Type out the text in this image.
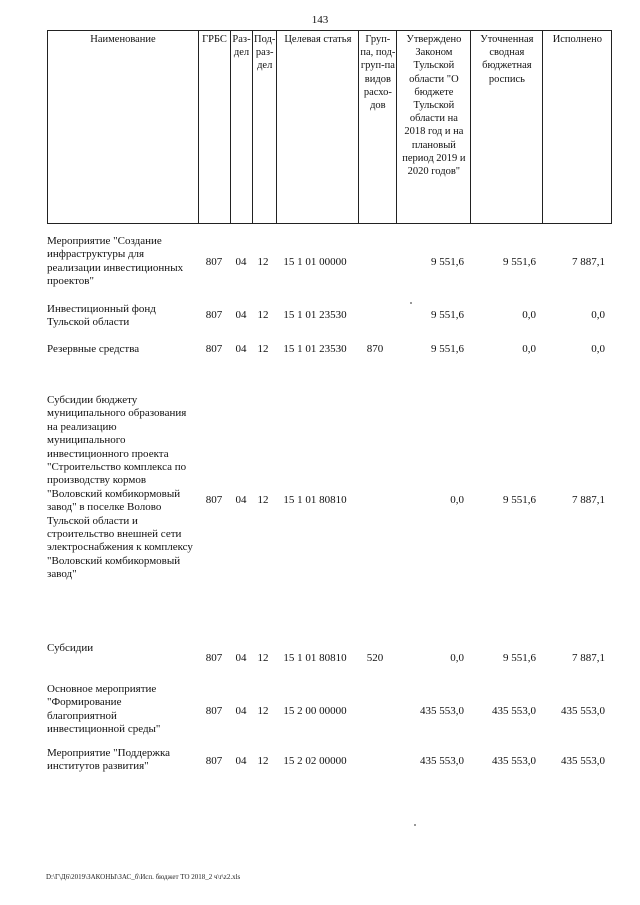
143
Наименование	ГРБС	Раз-дел	Под-раз-дел	Целевая статья	Груп-па, под-груп-па видов расхо-дов	Утверждено Законом Тульской области "О бюджете Тульской области на 2018 год и на плановый период 2019 и 2020 годов"	Уточненная сводная бюджетная роспись	Исполнено
Мероприятие "Создание инфраструктуры для реализации инвестиционных проектов"	807	04	12	15 1 01 00000		9 551,6	9 551,6	7 887,1
Инвестиционный фонд Тульской области	807	04	12	15 1 01 23530		9 551,6	0,0	0,0
Резервные средства	807	04	12	15 1 01 23530	870	9 551,6	0,0	0,0
Субсидии бюджету муниципального образования на реализацию муниципального инвестиционного проекта "Строительство комплекса по производству кормов "Воловский комбикормовый завод" в поселке Волово Тульской области и строительство внешней сети электроснабжения к комплексу "Воловский комбикормовый завод"	807	04	12	15 1 01 80810		0,0	9 551,6	7 887,1
Субсидии	807	04	12	15 1 01 80810	520	0,0	9 551,6	7 887,1
Основное мероприятие "Формирование благоприятной инвестиционной среды"	807	04	12	15 2 00 00000		435 553,0	435 553,0	435 553,0
Мероприятие "Поддержка институтов развития"	807	04	12	15 2 02 00000		435 553,0	435 553,0	435 553,0
D:\Г\Д6\2019\ЗАКОНЫ\ЗАС_б\Исп. бюджет ТО 2018_2 ч\r\z2.xls
